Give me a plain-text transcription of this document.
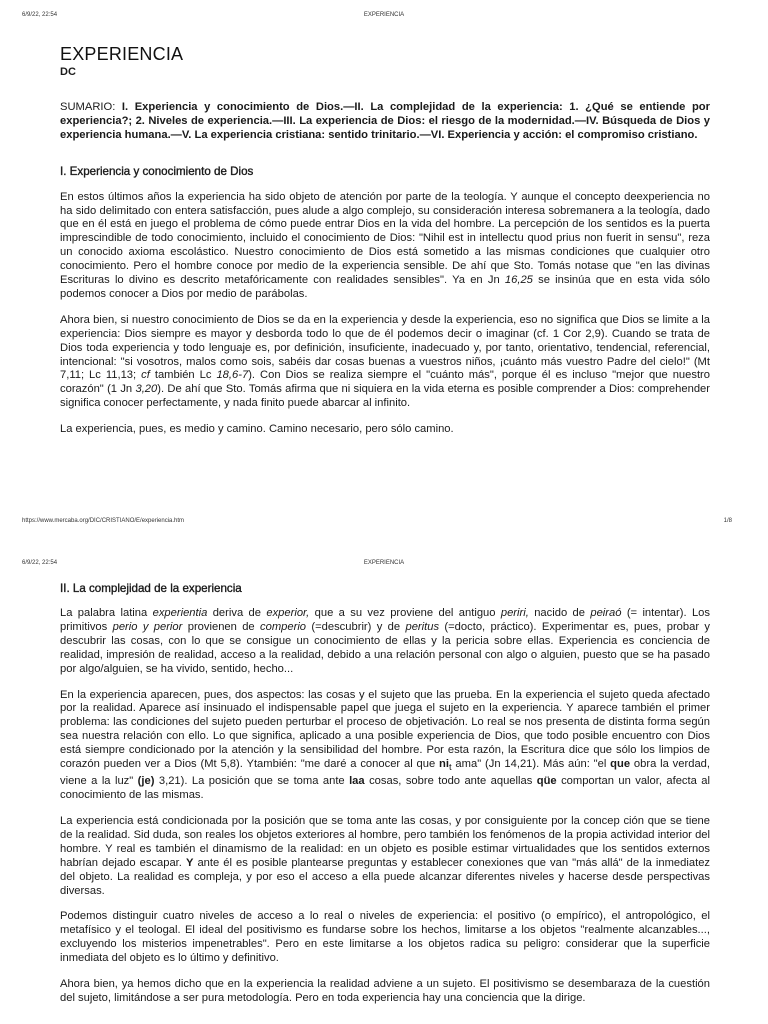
6/9/22, 22:54	EXPERIENCIA
EXPERIENCIA
DC

SUMARIO: I. Experiencia y conocimiento de Dios.—II. La complejidad de la experiencia: 1. ¿Qué se entiende por experiencia?; 2. Niveles de experiencia.—III. La experiencia de Dios: el riesgo de la modernidad.—IV. Búsqueda de Dios y experiencia humana.—V. La experiencia cristiana: sentido trinitario.—VI. Experiencia y acción: el compromiso cristiano.

I. Experiencia y conocimiento de Dios

En estos últimos años la experiencia ha sido objeto de atención por parte de la teología. Y aunque el concepto deexperiencia no ha sido delimitado con entera satisfacción, pues alude a algo complejo, su consideración interesa sobremanera a la teología, dado que en él está en juego el problema de cómo puede entrar Dios en la vida del hombre. La percepción de los sentidos es la puerta imprescindible de todo conocimiento, incluido el conocimiento de Dios: "Nihil est in intellectu quod prius non fuerit in sensu", reza un conocido axioma escolástico. Nuestro conocimiento de Dios está sometido a las mismas condiciones que cualquier otro conocimiento. Pero el hombre conoce por medio de la experiencia sensible. De ahí que Sto. Tomás notase que "en las divinas Escrituras lo divino es descrito metafóricamente con realidades sensibles". Ya en Jn 16,25 se insinúa que en esta vida sólo podemos conocer a Dios por medio de parábolas.

Ahora bien, si nuestro conocimiento de Dios se da en la experiencia y desde la experiencia, eso no significa que Dios se limite a la experiencia: Dios siempre es mayor y desborda todo lo que de él podemos decir o imaginar (cf. 1 Cor 2,9). Cuando se trata de Dios toda experiencia y todo lenguaje es, por definición, insuficiente, inadecuado y, por tanto, orientativo, tendencial, referencial, intencional: "si vosotros, malos como sois, sabéis dar cosas buenas a vuestros niños, ¡cuánto más vuestro Padre del cielo!" (Mt 7,11; Lc 11,13; cf también Lc 18,6-7). Con Dios se realiza siempre el "cuánto más", porque él es incluso "mejor que nuestro corazón" (1 Jn 3,20). De ahí que Sto. Tomás afirma que ni siquiera en la vida eterna es posible comprender a Dios: comprehender significa conocer perfectamente, y nada finito puede abarcar al infinito.

La experiencia, pues, es medio y camino. Camino necesario, pero sólo camino.

https://www.mercaba.org/DIC/CRISTIANO/E/experiencia.htm	1/8
6/9/22, 22:54	EXPERIENCIA
II. La complejidad de la experiencia

La palabra latina experientia deriva de experior, que a su vez proviene del antiguo periri, nacido de peiraó (= intentar). Los primitivos perio y perior provienen de comperio (=descubrir) y de peritus (=docto, práctico). Experimentar es, pues, probar y descubrir las cosas, con lo que se consigue un conocimiento de ellas y la pericia sobre ellas. Experiencia es conciencia de realidad, impresión de realidad, acceso a la realidad, debido a una relación personal con algo o alguien, puesto que se ha pasado por algo/alguien, se ha vivido, sentido, hecho...

En la experiencia aparecen, pues, dos aspectos: las cosas y el sujeto que las prueba. En la experiencia el sujeto queda afectado por la realidad. Aparece así insinuado el indispensable papel que juega el sujeto en la experiencia. Y aparece también el primer problema: las condiciones del sujeto pueden perturbar el proceso de objetivación. Lo real se nos presenta de distinta forma según sea nuestra relación con ello. Lo que significa, aplicado a una posible experiencia de Dios, que todo posible encuentro con Dios está siempre condicionado por la atención y la sensibilidad del hombre. Por esta razón, la Escritura dice que sólo los limpios de corazón pueden ver a Dios (Mt 5,8). Ytambién: "me daré a conocer al que $ni_t$ ama" (Jn 14,21). Más aún: "el que obra la verdad, viene a la luz" (je) 3,21). La posición que se toma ante laa cosas, sobre todo ante aquellas qüe comportan un valor, afecta al conocimiento de las mismas.

La experiencia está condicionada por la posición que se toma ante las cosas, y por consiguiente por la concep ción que se tiene de la realidad. Sid duda, son reales los objetos exteriores al hombre, pero también los fenómenos de la propia actividad interior del hombre. Y real es también el dinamismo de la realidad: en un objeto es posible estimar virtualidades que los sentidos externos habrían dejado escapar. Y ante él es posible plantearse preguntas y establecer conexiones que van "más allá" de la inmediatez del objeto. La realidad es compleja, y por eso el acceso a ella puede alcanzar diferentes niveles y hacerse desde perspectivas diversas.

Podemos distinguir cuatro niveles de acceso a lo real o niveles de experiencia: el positivo (o empírico), el antropológico, el metafísico y el teologal. El ideal del positivismo es fundarse sobre los hechos, limitarse a los objetos "realmente alcanzables..., excluyendo los misterios impenetrables". Pero en este limitarse a los objetos radica su peligro: considerar que la superficie inmediata del objeto es lo último y definitivo.

Ahora bien, ya hemos dicho que en la experiencia la realidad adviene a un sujeto. El positivismo se desembaraza de la cuestión del sujeto, limitándose a ser pura metodología. Pero en toda experiencia hay una conciencia que la dirige.
